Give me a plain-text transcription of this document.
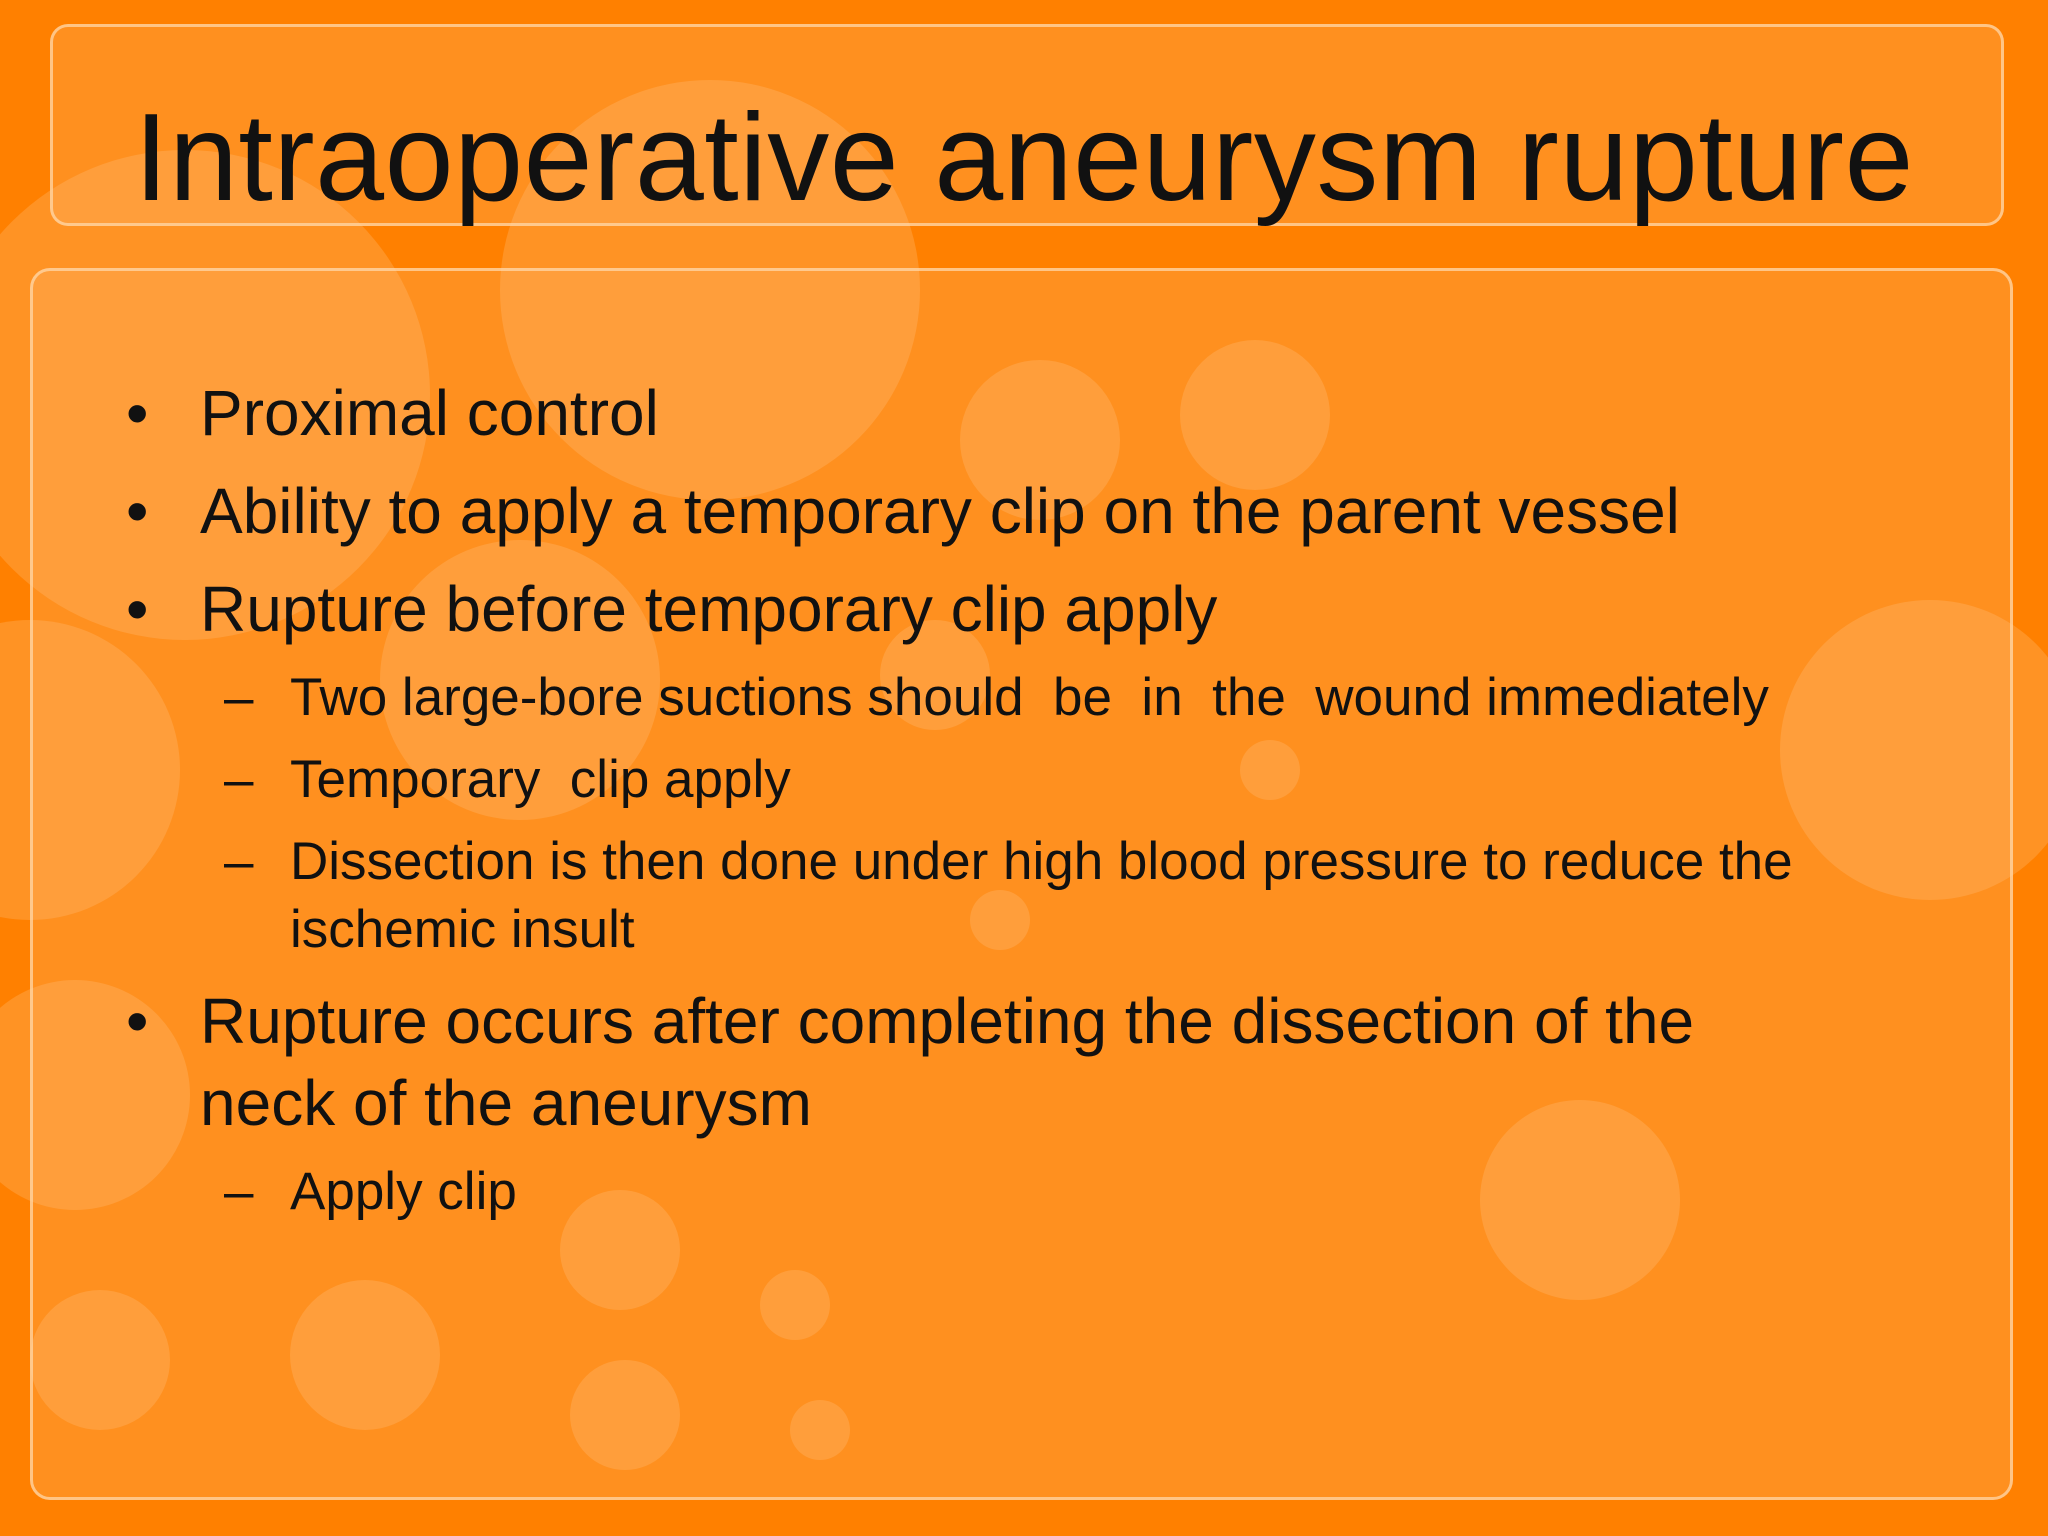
Intraoperative aneurysm rupture
• Proximal control
• Ability to apply a temporary clip on the parent vessel
• Rupture before temporary clip apply
– Two large-bore suctions should  be  in  the  wound immediately
– Temporary  clip apply
– Dissection is then done under high blood pressure to reduce the
ischemic insult
• Rupture occurs after completing the dissection of the
neck of the aneurysm
– Apply clip
